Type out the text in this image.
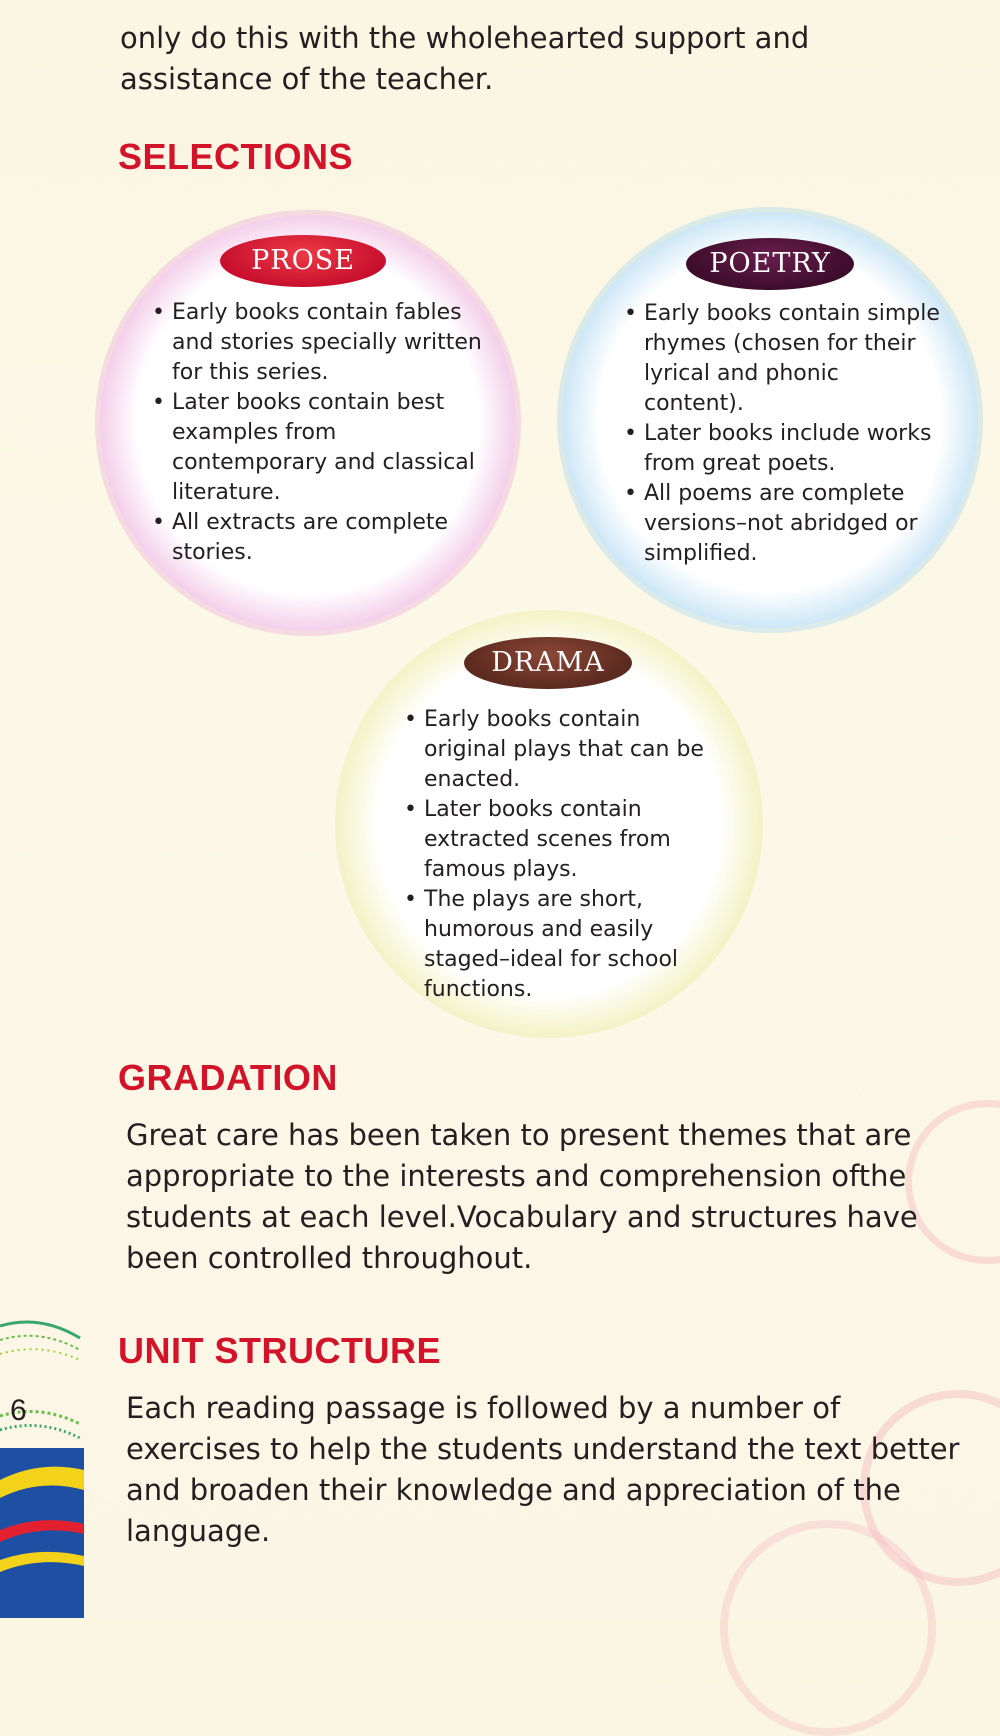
only do this with the wholehearted support and assistance of the teacher.

SELECTIONS
PROSE
• Early books contain fables and stories specially written for this series.
• Later books contain best examples from contemporary and classical literature.
• All extracts are complete stories.
POETRY
• Early books contain simple rhymes (chosen for their lyrical and phonic content).
• Later books include works from great poets.
• All poems are complete versions–not abridged or simplified.
DRAMA
• Early books contain original plays that can be enacted.
• Later books contain extracted scenes from famous plays.
• The plays are short, humorous and easily staged–ideal for school functions.
GRADATION

Great care has been taken to present themes that are appropriate to the interests and comprehension ofthe students at each level.Vocabulary and structures have been controlled throughout.

UNIT STRUCTURE

Each reading passage is followed by a number of exercises to help the students understand the text better and broaden their knowledge and appreciation of the language.

6
